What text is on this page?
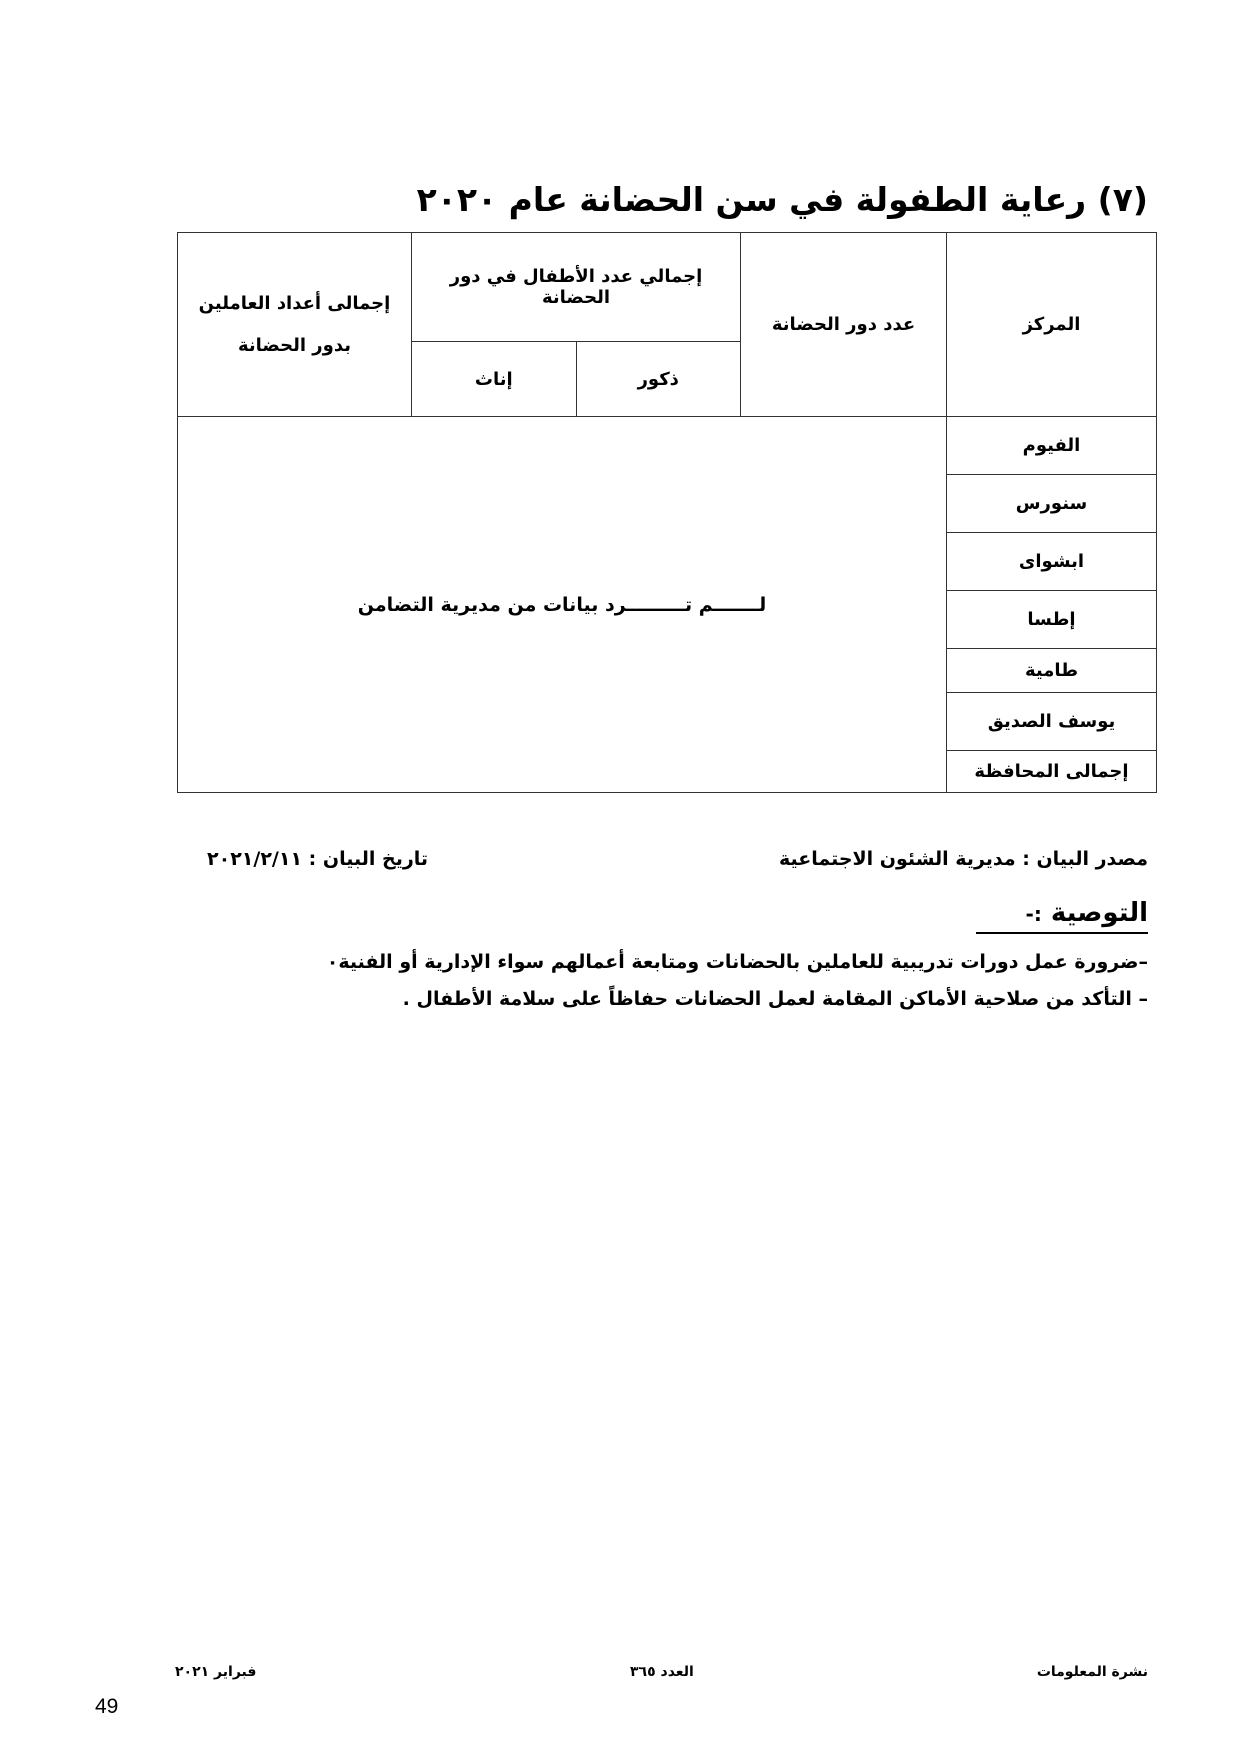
(٧) رعاية الطفولة في سن الحضانة عام ٢٠٢٠
المركز	عدد دور الحضانة	إجمالي عدد الأطفال في دور الحضانة		إجمالى أعداد العاملين بدور الحضانة
		ذكور	إناث	
الفيوم	لـــــــم تـــــــــرد بيانات من مديرية التضامن			
سنورس				
ابشواى				
إطسا				
طامية				
يوسف الصديق				
إجمالى المحافظة				
مصدر البيان : مديرية الشئون الاجتماعية
تاريخ البيان : ٢٠٢١/٢/١١
التوصية :-
–ضرورة عمل دورات تدريبية للعاملين بالحضانات ومتابعة أعمالهم سواء الإدارية أو الفنية٠
– التأكد من صلاحية الأماكن المقامة لعمل الحضانات حفاظاً على سلامة الأطفال .
نشرة المعلومات
العدد ٣٦٥
فبراير ٢٠٢١
49
